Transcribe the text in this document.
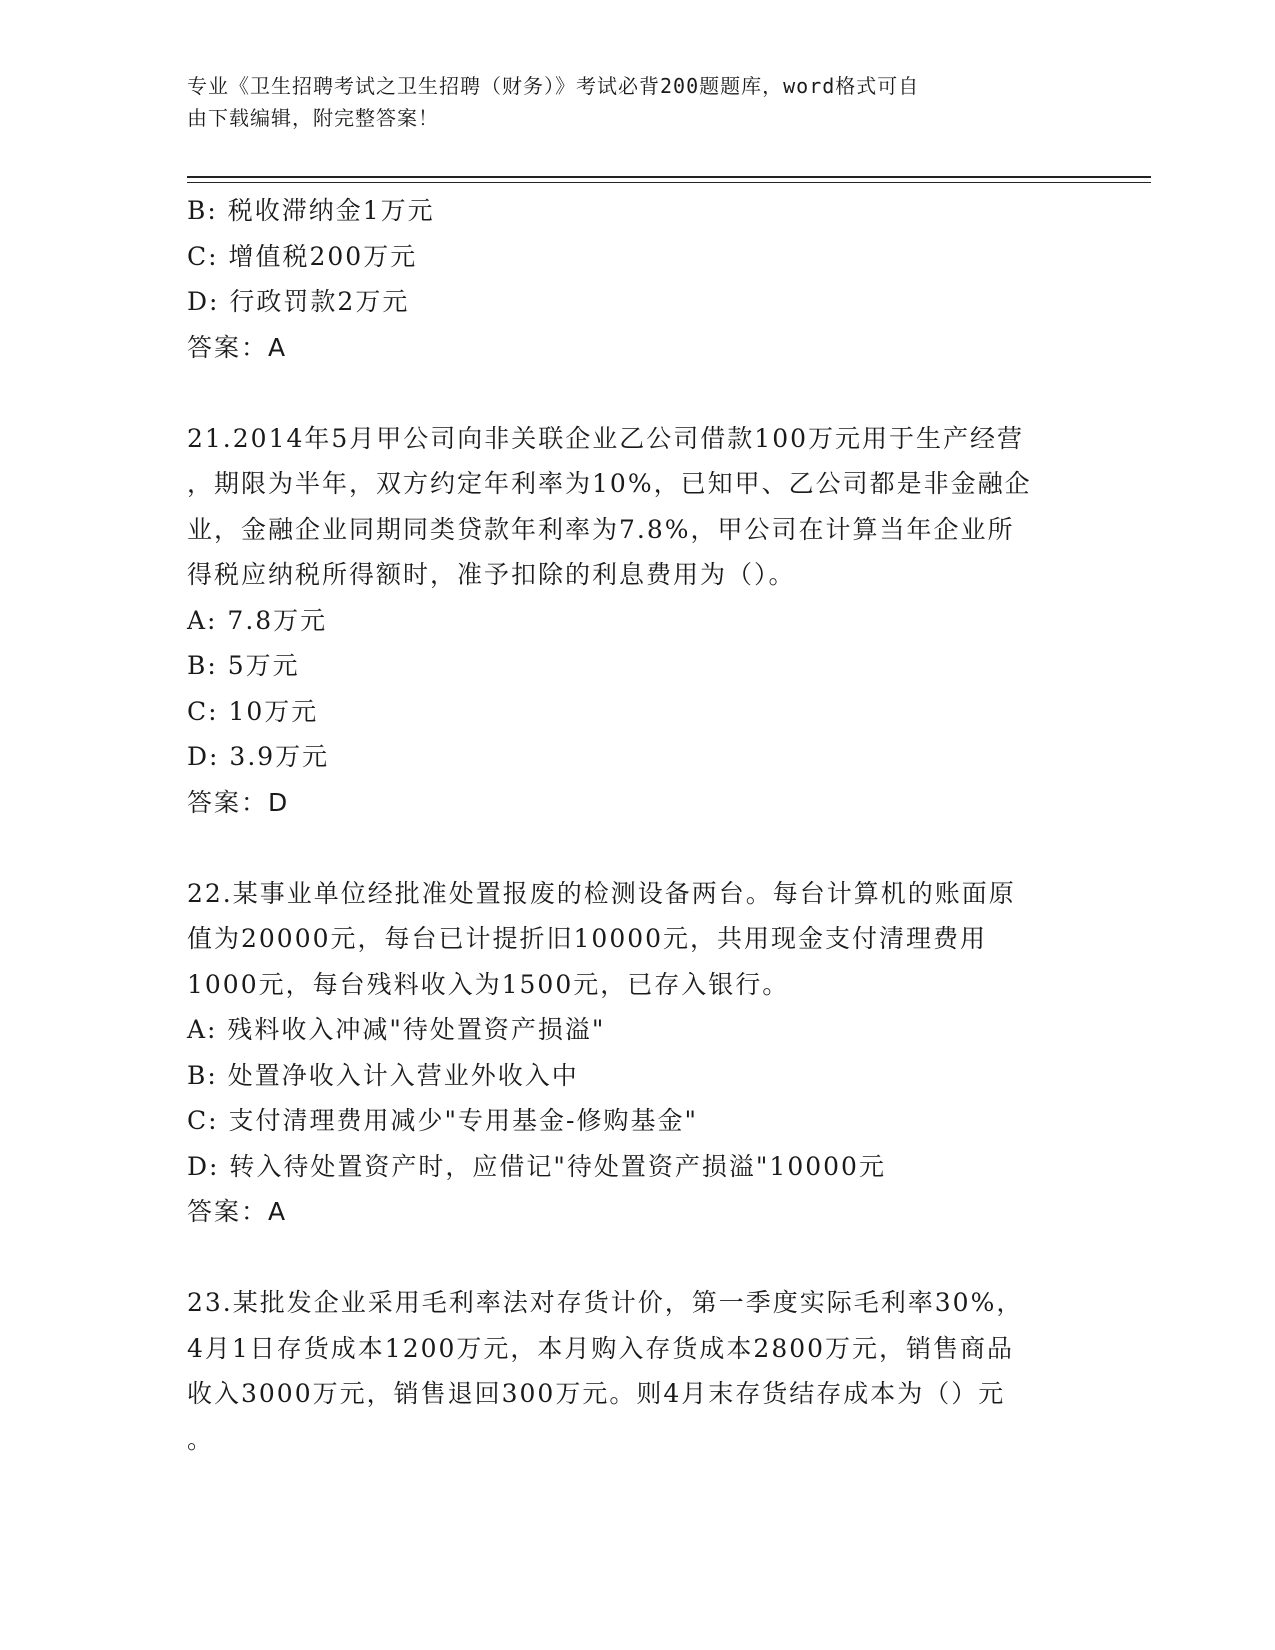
专业《卫生招聘考试之卫生招聘（财务）》考试必背200题题库，word格式可自
由下载编辑，附完整答案！
B: 税收滞纳金1万元
C: 增值税200万元
D: 行政罚款2万元
答案：A
21.2014年5月甲公司向非关联企业乙公司借款100万元用于生产经营
，期限为半年，双方约定年利率为10%，已知甲、乙公司都是非金融企
业，金融企业同期同类贷款年利率为7.8%，甲公司在计算当年企业所
得税应纳税所得额时，准予扣除的利息费用为（）。
A: 7.8万元
B: 5万元
C: 10万元
D: 3.9万元
答案：D
22.某事业单位经批准处置报废的检测设备两台。每台计算机的账面原
值为20000元，每台已计提折旧10000元，共用现金支付清理费用
1000元，每台残料收入为1500元，已存入银行。
A: 残料收入冲减"待处置资产损溢"
B: 处置净收入计入营业外收入中
C: 支付清理费用减少"专用基金-修购基金"
D: 转入待处置资产时，应借记"待处置资产损溢"10000元
答案：A
23.某批发企业采用毛利率法对存货计价，第一季度实际毛利率30%，
4月1日存货成本1200万元，本月购入存货成本2800万元，销售商品
收入3000万元，销售退回300万元。则4月末存货结存成本为（）元
。
